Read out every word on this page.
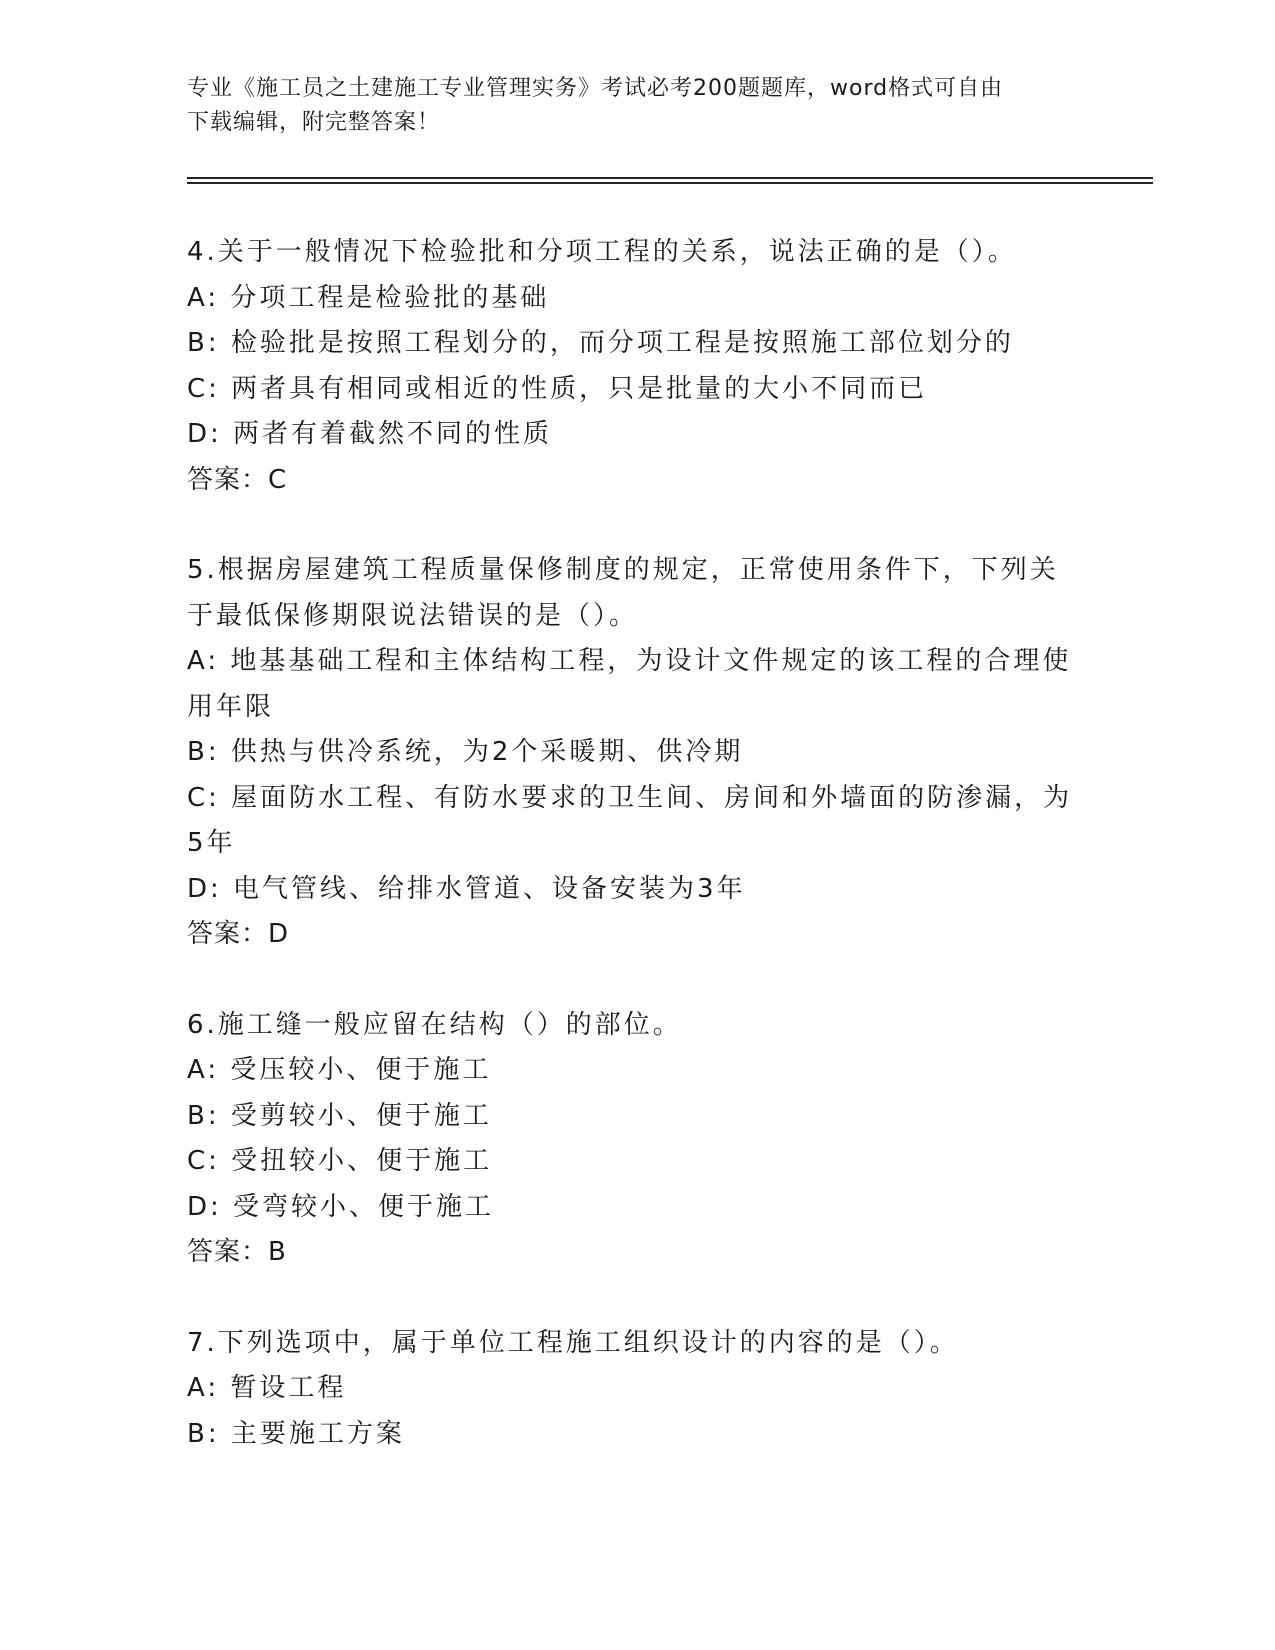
专业《施工员之土建施工专业管理实务》考试必考200题题库，word格式可自由
下载编辑，附完整答案！
4.关于一般情况下检验批和分项工程的关系，说法正确的是（）。
A: 分项工程是检验批的基础
B: 检验批是按照工程划分的，而分项工程是按照施工部位划分的
C: 两者具有相同或相近的性质，只是批量的大小不同而已
D: 两者有着截然不同的性质
答案：C
5.根据房屋建筑工程质量保修制度的规定，正常使用条件下，下列关于最低保修期限说法错误的是（）。
A: 地基基础工程和主体结构工程，为设计文件规定的该工程的合理使用年限
B: 供热与供冷系统，为2个采暖期、供冷期
C: 屋面防水工程、有防水要求的卫生间、房间和外墙面的防渗漏，为5年
D: 电气管线、给排水管道、设备安装为3年
答案：D
6.施工缝一般应留在结构（）的部位。
A: 受压较小、便于施工
B: 受剪较小、便于施工
C: 受扭较小、便于施工
D: 受弯较小、便于施工
答案：B
7.下列选项中，属于单位工程施工组织设计的内容的是（）。
A: 暂设工程
B: 主要施工方案
